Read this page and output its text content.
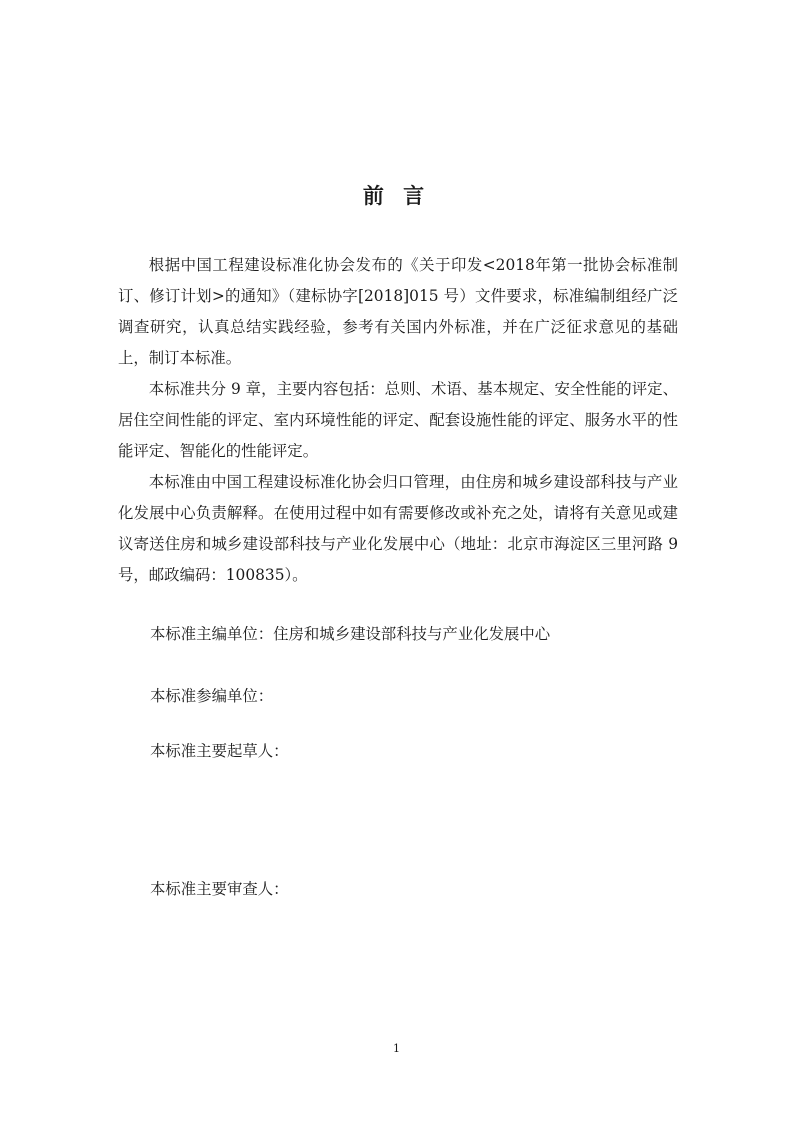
前 言

根据中国工程建设标准化协会发布的《关于印发<2018年第一批协会标准制订、修订计划>的通知》（建标协字[2018]015 号）文件要求，标准编制组经广泛调查研究，认真总结实践经验，参考有关国内外标准，并在广泛征求意见的基础上，制订本标准。

本标准共分 9 章，主要内容包括：总则、术语、基本规定、安全性能的评定、居住空间性能的评定、室内环境性能的评定、配套设施性能的评定、服务水平的性能评定、智能化的性能评定。

本标准由中国工程建设标准化协会归口管理，由住房和城乡建设部科技与产业化发展中心负责解释。在使用过程中如有需要修改或补充之处，请将有关意见或建议寄送住房和城乡建设部科技与产业化发展中心（地址：北京市海淀区三里河路 9 号，邮政编码：100835）。

本标准主编单位：住房和城乡建设部科技与产业化发展中心

本标准参编单位：

本标准主要起草人：

本标准主要审查人：

1
